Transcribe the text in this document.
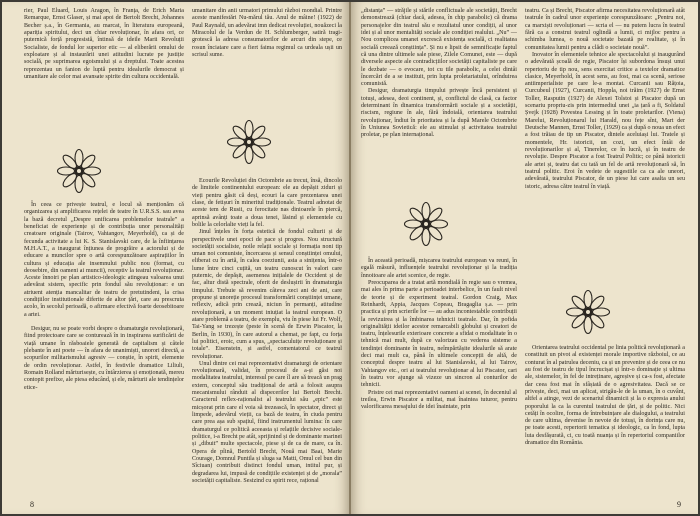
rier, Paul Eluard, Louis Aragon, în Franța, de Erich Maria Remarque, Ernst Glaser, și mai apoi de Bertolt Brecht, Johannes Becher ș.a., în Germania, au marcat, în literatura europeană, apariția spiritului, deci un chiar revoluționar, în afara ori, ce puternică forță progresistă, întinsă de ideile Marii Revoluții Socialiste, de fondul lor superior etic — al eliberării omului de exploatare și al instaurării unei atitudini lucrate pe justiție socială, pe suprimarea egoismului și a dreptului. Toate acestea reprezentau un fanion de luptă pentru idealurile democrat și umanitare ale celor mai avansate spirite din cultura occidentală.

umanitare din anii urmatori primului război mondial. Printre aceste manifestări Nu-mărul tău. Anul de mâine! (1922) de Paul Raynald, un adevărat imn dedicat revoluției, nouăzeci la Miracolul de la Verdun de H. Schlumberger, satiră tragi-grotescă la adresa consumatorilor de arcuri din stepe, ce rosun înciatare care a fiert faima regimul ca urdeala ușii un scrisul sume.

În ceea ce privește teatrul, e locul să menționăm că organizarea și amplificarea rețelei de teatre în U.R.S.S. sau avea la bază decretul „Despre unificarea problemelor teatrale” a beneficiat de experiențe și de contribuția unor personalități creatoare originale (Tairov, Vahtangov, Meyerhold), ca și de fecunda activitate a lui K. S. Stanislavski care, de la înființarea M.H.A.T., a inaugurat înțiunea de progrăire a actorului și de educare a muncilor spre o artă corespunzătoare aspirațiilor în cultura și educația ale insemnului public nou (format, cu deosebire, din oameni ai muncii), receptiv la teatrul revoluționar. Aceste înnoiri pe plan artistico-ideologic atingeau valoarea unui adevărat sistem, specific prin fondul său revoluționar: e un atriuent atenția mancalitar de teatru de pretutindeni, la crisa condițiilor institutionale diferite de altor țări, care au prescruta acolo, în secolul perioadă, o afirmare efectivă foarte deosebitoare a artei.

Desigur, nu se poate vorbi despre o dramaturgie revoluționară, fiind protectoare care se conturează în in inspirarea surificării de viață umane în răsboaiele generată de capitalism și câtele plebante în ani poete — în afara de unanimiști, unorori directă, a scopurilor militarismului agresiv — conștie, în spirit, elemente de ordin revoluționar. Astfel, în festivile dramatice Liliuli, Romain Rolland mărturisește, cu întârzierea și emoționată, mereu contopit prefixe, ale piesa educând, și ele, mărturii ale tendințelor etice-

Ecourile Revoluției din Octombrie au trecut, însă, dincolo de limitele continentului european: ele au depășit ziduri și vieți pentru găsit că deși, ecouri la care prezentarea unei clase, de fetișuri în mineritul tradiționale. Teatrul adnotat de aceste tem de Rusii, cu ferocitate nas dinioarele în piercă, aprinsă avânți toate a doua tenei, lăsind și elementele cu bolile la celorlalte vieți la fel.

Jinul înțeles în forța estetică de fondul culturii și de perspectivele unei epoci de pace și progres. Nou structură societății socialiste, noile relații sociale și formația noni tip uman noi comuniste, încercarea și sensul conștiinței omului, eliberat cu în artă, în calea coeziunii, asta a sinițenia, într-o lume între cinci cuțită, un teatru cunoscut în valori care puternic, de depășit, asemenea inițialele de Occident și de fac, altur distă spectrale, oferit de deslușirii în dramaturgia timpului. Trebuie să revenim câteva zeci ani de ani, care propune și unoreție procesul transformării conștiinței umane, reflexiv, adică prin crează, niciun în permanți, atitudine revoluționară, a un moment iniuțiat la teatrul european. O atare problemă a teatru, de exemplu, viu în piese lui Fr. Wolf, Tai-Yang se trezește (peste în scenă de Erwin Piscator, la Berlin, în 1930), în care autorul a chemat, pe fapt, cu forța lui politici, eroic, cum a spus, „spectaculuițe revoluționare și totale”. Eisenstein, și astfel, comentatorul ce teatrul revoluționar.

Unul dintre cei mai reprezentativi dramaturgi de orientare revoluționară, validat, în procesul de a-și găsi noi modalitatea teatrului, interesul pe care îl are să treacă un prag extern, conceptul său tradițional de artă a folosit asupra mecanismului rânduit al dispecerilor lui Bertolt Brecht. Caracterul reflex-raționalist al teatrului său „epic” este micșorat prin care el voia să trezească, în spectator, direct și limpede, adevărul vieții, ca bază de teatru, în ciuda pentru care prea așa sub spațiul, fiind instrumentul lumina: în care dramaturgul ce politică aceeasta și relațiile decisive sociale-politice, i-a Brecht pe atât, sprijinind și de dominante marinei și „dibuit” multe spectacole, piese și de ca de mare, ca în. Opera de pîină, Bertold Brecht, Nouă mai Baai, Marie Courage, Domnul Puntila și sluga sa Matti, Omul cel bun din Sîciuan) contribuit distinct fondul uman, intitul pur, și degradarea lui, impusă de condițiile existenței și de „morala” societății capitaliste. Sesizind cu spirit rece, rațional

8

„distanța” — străjile și stările conflictuale ale societății, Brecht demonstrează (chiar dacă, adesea, în chip parabolic) că drama personajelor din teatrul său e rezultatul unor condiții, al unor idei și al unor mentalități sociale ale condiției realului. „Nu” — Nou complicea umanei excrescă existența socială, ci realitatea socială creează conștiința”. Și nu e lipsit de semnificație faptul că una dintre ultimele sale piese, Zilele Comunei, este — după diversele aspecte ale contradicțiilor societății capitaliste pe care le dezbate — o evocare, tot cu tile parabolic, a celei dintâi încercări de a se instituit, prin lupta proletariatului, orînduirea comunistă.

Desigur, dramaturgia timpului privește încă persistent și totuși, adesea, deoi continent, și, conflictul de clasă, ca factor determinant în dinamica transformării sociale și a societății, riscism, regiune în ale, fără îndoială, orientarea teatrului revoluționar, îndiut în prioritatea și la după Marele Octombrie în Uniunea Sovietică: ele au stimulat și activitatea teatrului proletar, pe plan internațional.

teatru. Ca și Brecht, Piscator afirma necesitatea revoluționară atât teatrule în cadrul unor experiențe corespunzătoare: „Pentru noi, ca marxiști revoluționari — scria el — nu putem lucra în teatrul fără ca a construi teatrul oglindă a lumii, ci mijloc pentru a schimba lumea, o nouă societate bazată pe realitate, și în comunitatea lumii pentru a clădi o societate nouă”.

Inovator în elementele tehnice ale spectacolului și inaugurând o adevărată școală de regie, Piscator își subordona însuși unui repertoriu de tip nou, sens exercitat critice a textelor dramatice clasice, Meyerhold, în acest sens, au fost, mai ca scenă, seriose antiimperialiste pe care le-a montat. Curcanii sau Rățoia, Curcubeul (1927), Curcanii, Hoppla, noi trăim (1927) de Ernst Toller, Rasputin (1927) de Alexei Tolstoi și Piscator după un scenariu propriu-zis prin intermediul unei „ia țară a fi, Soldatul Șvejk (1928) Povestea Lessing și în toate proletarilor. (Viena) Marelui, Revoluționarul lui Harald, nou fețe sînt, Mart der Deutsche Mannen, Ernst Toller, (1929) ca și după o noua un efect a fost trăiau de tip un Piscator, dintele aceluiași lui. Tratele și momentele, Hr. istoricii, un cozi, un efect întâi de revoluționarilor și al, Tinerelor, ce în lucră, și în teatru de revoluție. Despre Piscator a fost Teatrul Politic; ce până istoricii ale artei și, teatru dat cu tată un fel de artă revoluționară să, în teatrul politic. Eroi în vedete de sugestiile ca ca ale uneori, adevărată, teatrului Piscator, de un piese lui care asalta un seu istoric, adresa către teatrul în viață.

În această perioadă, mișcarea teatrului european va reuni, în egală măsură, influențele teatrului revoluționar și la tradiția înnoitoare ale artei scenice, de regie.

Preocuparea de a tratat artă mondială în regie sau o vremea, mai ales în prima parte a perioadei interbelice, în un fault nivel de teorie și de experiment teatral. Gordon Craig, Max Reinhardt, Appia, Jacques Copeau, Bragaglia ș.a. — prin practica și prin scrierile lor — au adus incontestabile contribuții la revizuirea și la îmbinarea tehnicii teatrale. Dar, în pofida originalității ideilor acestor remarcabili globului și creatori de teatru, înțelesurile exterioare concrete a sfidat o modalitate în o tehnică mai mult, după ce valorizau cu vederea sisteme a tendinței dominante în teatru, neîmpărtășite idealurile să arate deci mai mult ca, până în ultimele concepții de altă, de conceptul despre teatru al lui Stanislavski, al lui Tairov, Vahtangov etc., ori ai teatrului revoluționar al lui Piscator, cari în teatru vor ajunge să vizeze un sincron al conturilor de tehnicii.

Pristre cei mai reprezentativi oameni ai scenei, în deceniul al treilea, Erwin Piscator a militat, mai înaintea tuturor, pentru valorificarea mesajului de idei înaintate, prin

Orientarea teatrului occidental pe linia politică revoluționară a constituit un pivot al existenței morale importive războiul, ce au conturat în al patrulea deceniu, ca și un prevenire și de ceea ce nu au fost de teatru de tipul încrucișat și într-o dominație și ultima ale, sistemelor, în fel de intreținare, agreșive și ca-s fost, afectate dar ceea fost mai în sfâșiată de o agresivitatea. Dacă se ce privește, deci, mai un aplicat, strigău-le de la uman, în o cuvânt, altfel a atinge, vezi de scenariul dinamicii și la o expresia anului poporului la ca la curentul teatrului de țări, și de politic. Nici cetăți în ocolire, forma de întrebuințare ale dialogului, a teatrului de care ultima, devenise în nevoie de totuși, în dorința care nu, pe toate acesti, repertorii tematica și ideologic, ca în fond, lupta luta desfășurată, ci, cu toată nuanța și în repertoriul companiilor dramatice din România.

9
